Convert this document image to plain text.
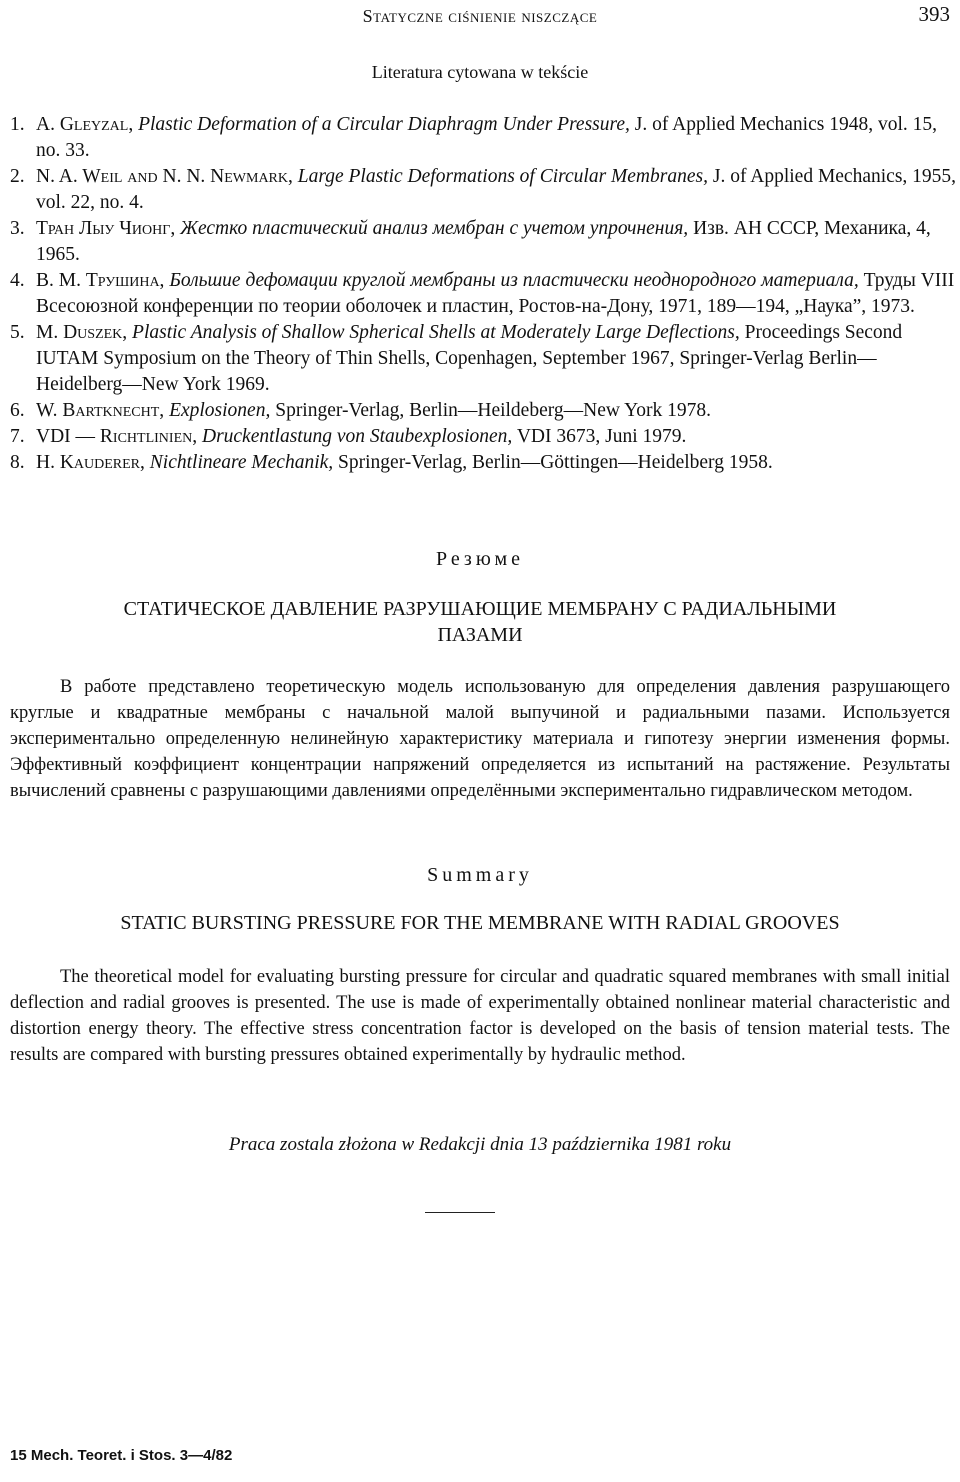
Statyczne ciśnienie niszczące	393
Literatura cytowana w tekście
1. A. Gleyzal, Plastic Deformation of a Circular Diaphragm Under Pressure, J. of Applied Mechanics 1948, vol. 15, no. 33.
2. N. A. Weil and N. N. Newmark, Large Plastic Deformations of Circular Membranes, J. of Applied Mechanics, 1955, vol. 22, no. 4.
3. Тран Лыу Чионг, Жестко пластический анализ мембран с учетом упрочнения, Изв. АН СССР, Механика, 4, 1965.
4. В. М. Трушина, Большие дефомации круглой мембраны из пластически неоднородного материала, Труды VIII Всесоюзной конференции по теории оболочек и пластин, Ростов-на-Дону, 1971, 189—194, „Наука”, 1973.
5. M. Duszek, Plastic Analysis of Shallow Spherical Shells at Moderately Large Deflections, Proceedings Second IUTAM Symposium on the Theory of Thin Shells, Copenhagen, September 1967, Springer-Verlag Berlin—Heidelberg—New York 1969.
6. W. Bartknecht, Explosionen, Springer-Verlag, Berlin—Heildeberg—New York 1978.
7. VDI — Richtlinien, Druckentlastung von Staubexplosionen, VDI 3673, Juni 1979.
8. H. Kauderer, Nichtlineare Mechanik, Springer-Verlag, Berlin—Göttingen—Heidelberg 1958.
Резюме
СТАТИЧЕСКОЕ ДАВЛЕНИЕ РАЗРУШАЮЩИЕ МЕМБРАНУ С РАДИАЛЬНЫМИ ПАЗАМИ

В работе представлено теоретическую модель использованую для определения давления разрушающего круглые и квадратные мембраны с начальной малой выпучиной и радиальными пазами. Используется экспериментально определенную нелинейную характеристику материала и гипотезу энергии изменения формы. Эффективный коэффициент концентрации напряжений определяется из испытаний на растяжение. Результаты вычислений сравнены с разрушающими давлениями определёнными экспериментально гидравлическом методом.

Summary
STATIC BURSTING PRESSURE FOR THE MEMBRANE WITH RADIAL GROOVES

The theoretical model for evaluating bursting pressure for circular and quadratic squared membranes with small initial deflection and radial grooves is presented. The use is made of experimentally obtained nonlinear material characteristic and distortion energy theory. The effective stress concentration factor is developed on the basis of tension material tests. The results are compared with bursting pressures obtained experimentally by hydraulic method.

Praca zostala złożona w Redakcji dnia 13 października 1981 roku
15 Mech. Teoret. i Stos. 3—4/82
